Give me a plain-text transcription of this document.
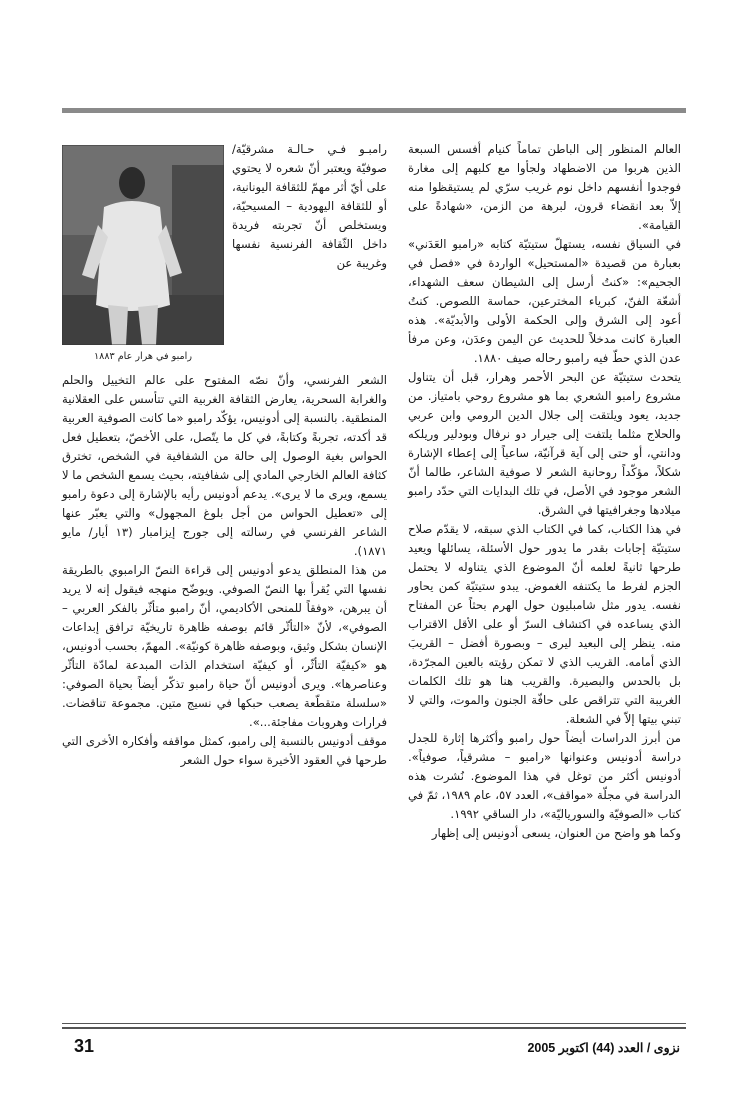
العالم المنظور إلى الباطن تماماً كنيام أفسس السبعة الذين هربوا من الاضطهاد ولجأوا مع كلبهم إلى مغارة فوجدوا أنفسهم داخل نوم غريب سرّي لم يستيقظوا منه إلاّ بعد انقضاء قرون، لبرهة من الزمن، «شهادةً على القيامة».

في السياق نفسه، يستهلّ ستيتيّة كتابه «رامبو العَدَني» بعبارة من قصيدة «المستحيل» الواردة في «فصل في الجحيم»: «كنتُ أرسل إلى الشيطان سعف الشهداء، أشعّة الفنّ، كبرياء المخترعين، حماسة اللصوص. كنتُ أعود إلى الشرق وإلى الحكمة الأولى والأبديّة». هذه العبارة كانت مدخلاً للحديث عن اليمن وعدَن، وعن مرفأ عدن الذي حطّ فيه رامبو رحاله صيف ١٨٨٠.

يتحدث ستيتيّة عن البحر الأحمر وهرار، قبل أن يتناول مشروع رامبو الشعري بما هو مشروع روحي بامتياز. من جديد، يعود ويلتقت إلى جلال الدين الرومي وابن عربي والحلاج مثلما يلتفت إلى جيرار دو نرفال وبودلير وريلكه ودانتي، أو حتى إلى آية قرآنيّة، ساعياً إلى إعطاء الإشارة شكلاً، مؤكّداً روحانية الشعر لا صوفية الشاعر، طالما أنّ الشعر موجود في الأصل، في تلك البدايات التي حدّد رامبو ميلادها وجغرافيتها في الشرق.

في هذا الكتاب، كما في الكتاب الذي سبقه، لا يقدّم صلاح ستيتيّة إجابات بقدر ما يدور حول الأسئلة، يسائلها ويعيد طرحها ثانيةً لعلمه أنّ الموضوع الذي يتناوله لا يحتمل الجزم لفرط ما يكتنفه الغموض. يبدو ستيتيّة كمن يحاور نفسه. يدور مثل شامبليون حول الهرم بحثاً عن المفتاح الذي يساعده في اكتشاف السرّ أو على الأقل الاقتراب منه. ينظر إلى البعيد ليرى – وبصورة أفضل – القريبَ الذي أمامه. القريب الذي لا تمكن رؤيته بالعين المجرّدة، بل بالحدس والبصيرة. والقريب هنا هو تلك الكلمات الغريبة التي تتراقص على حافّة الجنون والموت، والتي لا تبني بيتها إلاّ في الشعلة.

من أبرز الدراسات أيضاً حول رامبو وأكثرها إثارة للجدل دراسة أدونيس وعنوانها «رامبو – مشرقياً، صوفياً». أدونيس أكثر من توغل في هذا الموضوع. نُشرت هذه الدراسة في مجلّة «مواقف»، العدد ٥٧، عام ١٩٨٩، ثمّ في كتاب «الصوفيّة والسورياليّة»، دار الساقي ١٩٩٢.

وكما هو واضح من العنوان، يسعى أدونيس إلى إظهار

رامبو في هرار عام ١٨٨٣
رامبـو فـي حـالـة مشرقيّة/ صوفيّة ويعتبر أنّ شعره لا يحتوي على أيّ أثر مهمّ للثقافة اليونانية، أو للثقافة اليهودية – المسيحيّة، ويستخلص أنّ تجربته فريدة داخل الثّقافة الفرنسية نفسها وغريبة عن

الشعر الفرنسي، وأنّ نصّه المفتوح على عالم التخييل والحلم والغرابة السحرية، يعارض الثقافة الغربية التي تتأسس على العقلانية المنطقية. بالنسبة إلى أدونيس، يؤكّد رامبو «ما كانت الصوفية العربية قد أكدته، تجربةً وكتابةً، في كل ما يتّصل، على الأخصّ، بتعطيل فعل الحواس بغية الوصول إلى حالة من الشفافية في الشخص، تخترق كثافة العالم الخارجي المادي إلى شفافيته، بحيث يسمع الشخص ما لا يسمع، ويرى ما لا يرى». يدعم أدونيس رأيه بالإشارة إلى دعوة رامبو إلى «تعطيل الحواس من أجل بلوغ المجهول» والتي يعبّر عنها الشاعر الفرنسي في رسالته إلى جورج إيزامبار (١٣ أيار/ مايو ١٨٧١).

من هذا المنطلق يدعو أدونيس إلى قراءة النصّ الرامبوي بالطريقة نفسها التي يُقرأ بها النصّ الصوفي. ويوضّح منهجه فيقول إنه لا يريد أن يبرهن، «وفقاً للمنحى الأكاديمي، أنّ رامبو متأثّر بالفكر العربي – الصوفي»، لأنّ «التأثّر قائم بوصفه ظاهرة تاريخيّة ترافق إبداعات الإنسان بشكل وثيق، وبوصفه ظاهرة كونيّة». المهمّ، بحسب أدونيس، هو «كيفيّة التأثّر، أو كيفيّة استخدام الذات المبدعة لمادّة التأثّر وعناصرها». ويرى أدونيس أنّ حياة رامبو تذكّر أيضاً بحياة الصوفي: «سلسلة متقطّعة يصعب حبكها في نسيج متين. مجموعة تناقضات. فرارات وهروبات مفاجئة...».

موقف أدونيس بالنسبة إلى رامبو، كمثل مواقفه وأفكاره الأخرى التي طرحها في العقود الأخيرة سواء حول الشعر

31	نزوى / العدد (44) اكتوبر 2005
